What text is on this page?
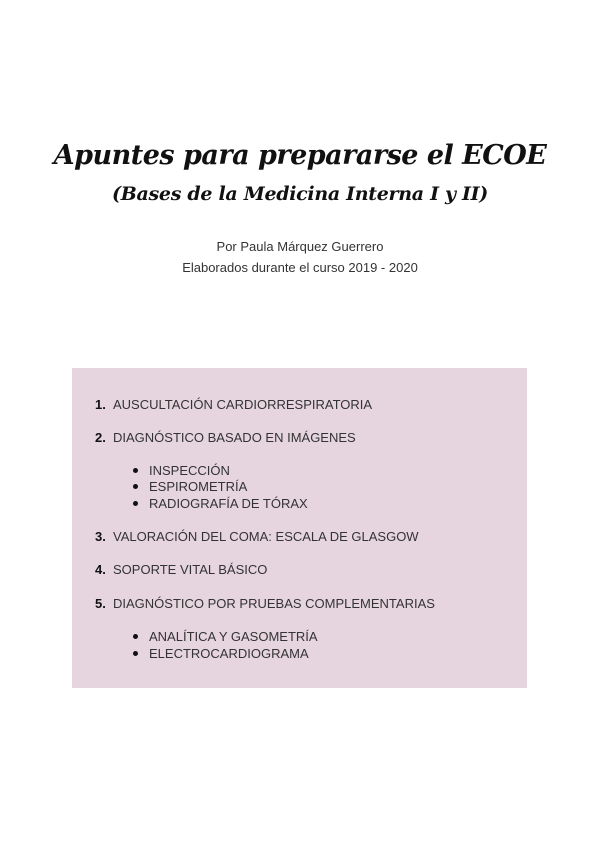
Apuntes para prepararse el ECOE
(Bases de la Medicina Interna I y II)
Por Paula Márquez Guerrero
Elaborados durante el curso 2019 - 2020
1. AUSCULTACIÓN CARDIORRESPIRATORIA
2. DIAGNÓSTICO BASADO EN IMÁGENES
INSPECCIÓN
ESPIROMETRÍA
RADIOGRAFÍA DE TÓRAX
3. VALORACIÓN DEL COMA: ESCALA DE GLASGOW
4. SOPORTE VITAL BÁSICO
5. DIAGNÓSTICO POR PRUEBAS COMPLEMENTARIAS
ANALÍTICA Y GASOMETRÍA
ELECTROCARDIOGRAMA
